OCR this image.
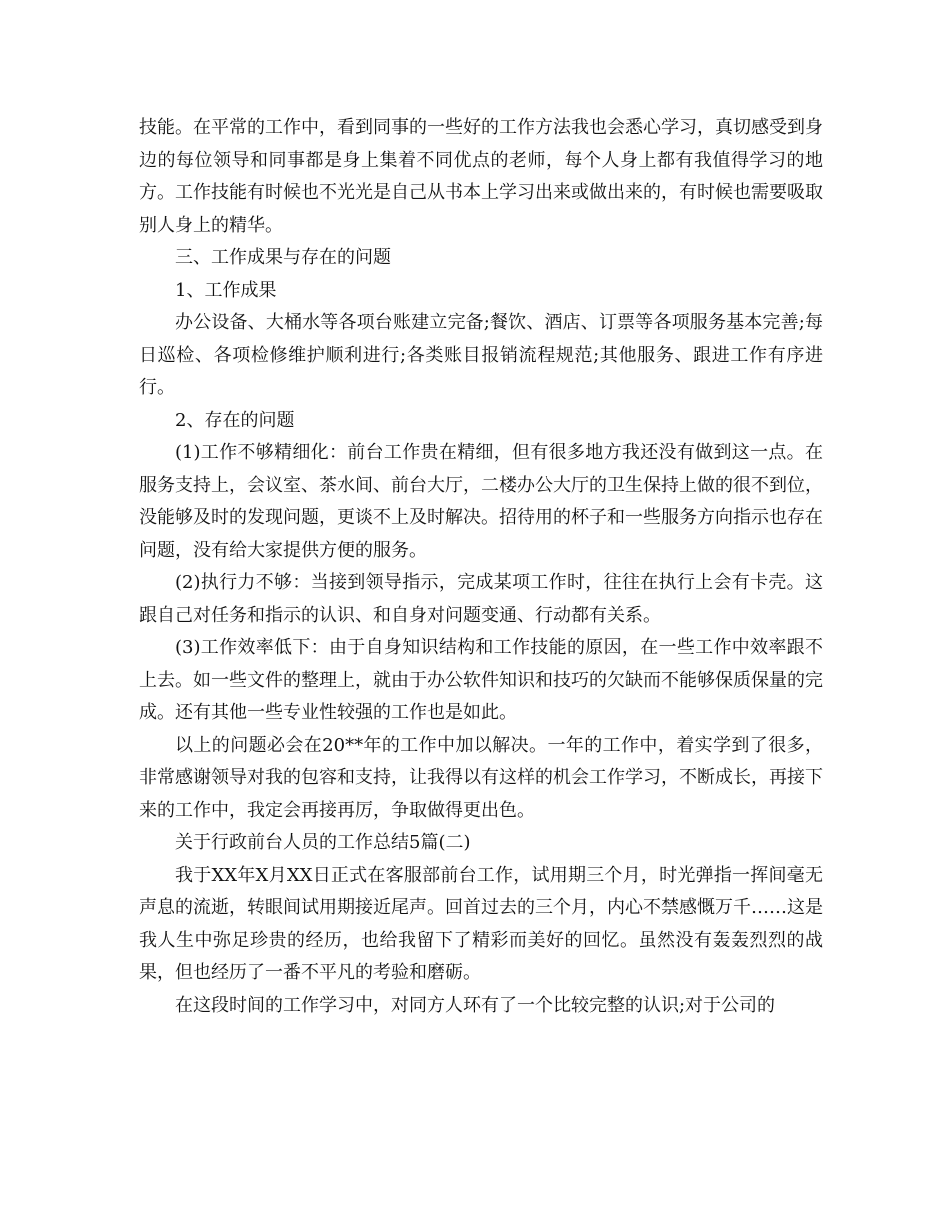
技能。在平常的工作中，看到同事的一些好的工作方法我也会悉心学习，真切感受到身边的每位领导和同事都是身上集着不同优点的老师，每个人身上都有我值得学习的地方。工作技能有时候也不光光是自己从书本上学习出来或做出来的，有时候也需要吸取别人身上的精华。

三、工作成果与存在的问题

1、工作成果

办公设备、大桶水等各项台账建立完备;餐饮、酒店、订票等各项服务基本完善;每日巡检、各项检修维护顺利进行;各类账目报销流程规范;其他服务、跟进工作有序进行。

2、存在的问题

(1)工作不够精细化：前台工作贵在精细，但有很多地方我还没有做到这一点。在服务支持上，会议室、茶水间、前台大厅，二楼办公大厅的卫生保持上做的很不到位，没能够及时的发现问题，更谈不上及时解决。招待用的杯子和一些服务方向指示也存在问题，没有给大家提供方便的服务。

(2)执行力不够：当接到领导指示，完成某项工作时，往往在执行上会有卡壳。这跟自己对任务和指示的认识、和自身对问题变通、行动都有关系。

(3)工作效率低下：由于自身知识结构和工作技能的原因，在一些工作中效率跟不上去。如一些文件的整理上，就由于办公软件知识和技巧的欠缺而不能够保质保量的完成。还有其他一些专业性较强的工作也是如此。

以上的问题必会在20**年的工作中加以解决。一年的工作中，着实学到了很多，非常感谢领导对我的包容和支持，让我得以有这样的机会工作学习，不断成长，再接下来的工作中，我定会再接再厉，争取做得更出色。

关于行政前台人员的工作总结5篇(二)

我于XX年X月XX日正式在客服部前台工作，试用期三个月，时光弹指一挥间毫无声息的流逝，转眼间试用期接近尾声。回首过去的三个月，内心不禁感慨万千……这是我人生中弥足珍贵的经历，也给我留下了精彩而美好的回忆。虽然没有轰轰烈烈的战果，但也经历了一番不平凡的考验和磨砺。

在这段时间的工作学习中，对同方人环有了一个比较完整的认识;对于公司的
